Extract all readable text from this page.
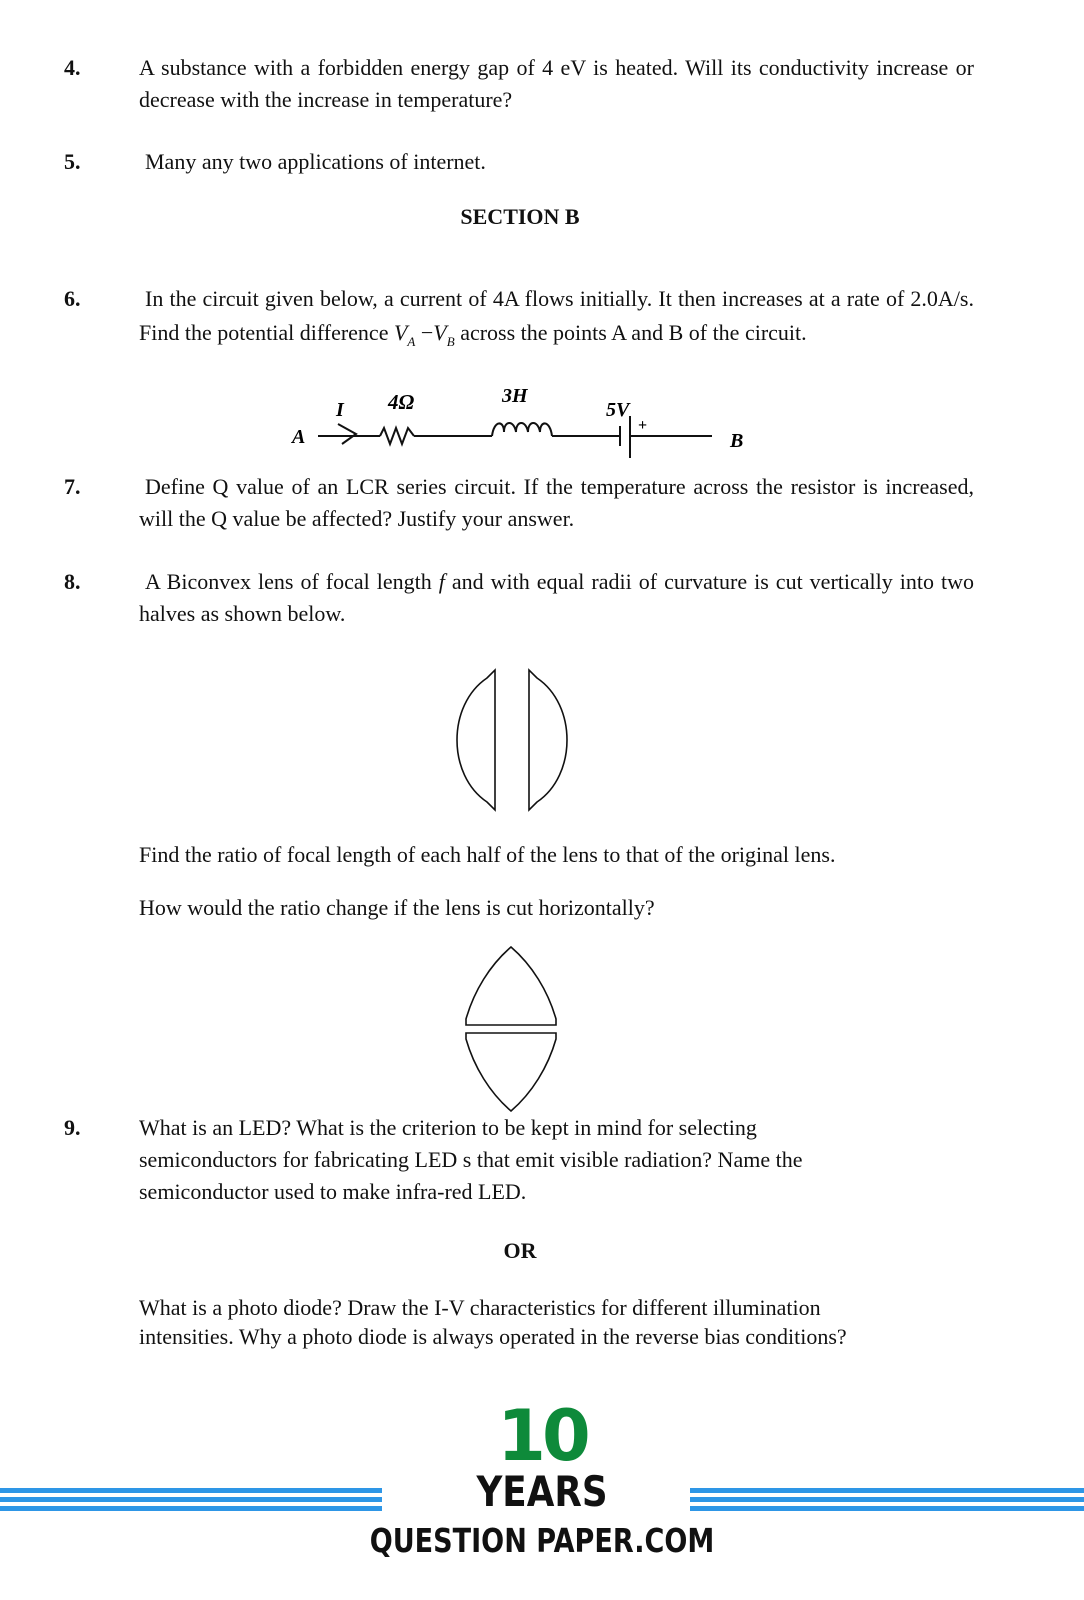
4.	A substance with a forbidden energy gap of 4 eV is heated. Will its conductivity increase or decrease with the increase in temperature?
5.	Many any two applications of internet.
SECTION B
6.	In the circuit given below, a current of 4A flows initially. It then increases at a rate of 2.0A/s. Find the potential difference $V_A -V_B$ across the points A and B of the circuit.
A
I 4Ω	3H
5V
B
+
7.	Define Q value of an LCR series circuit. If the temperature across the resistor is increased, will the Q value be affected? Justify your answer.
8.	A Biconvex lens of focal length f and with equal radii of curvature is cut vertically into two halves as shown below.
Find the ratio of focal length of each half of the lens to that of the original lens.
How would the ratio change if the lens is cut horizontally?
9.	What is an LED? What is the criterion to be kept in mind for selecting semiconductors for fabricating LED s that emit visible radiation? Name the semiconductor used to make infra-red LED.
OR
What is a photo diode? Draw the I-V characteristics for different illumination intensities. Why a photo diode is always operated in the reverse bias conditions?
10
YEARS
QUESTION PAPER.COM
